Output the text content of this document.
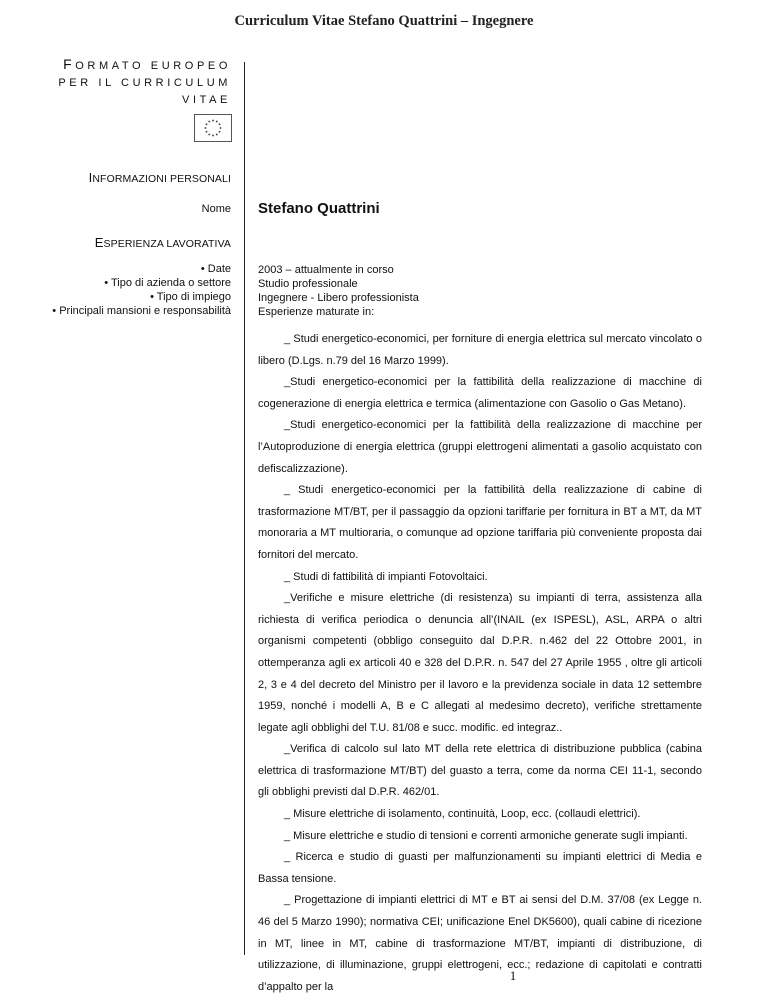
Curriculum Vitae Stefano Quattrini – Ingegnere
FORMATO EUROPEO
PER IL CURRICULUM
VITAE
INFORMAZIONI PERSONALI
Nome Stefano Quattrini
ESPERIENZA LAVORATIVA
• Date
• Tipo di azienda o settore
• Tipo di impiego
• Principali mansioni e responsabilità
2003 – attualmente in corso
Studio professionale
Ingegnere - Libero professionista
Esperienze maturate in:

_ Studi energetico-economici, per forniture di energia elettrica sul mercato vincolato o libero (D.Lgs. n.79 del 16 Marzo 1999).

_Studi energetico-economici per la fattibilità della realizzazione di macchine di cogenerazione di energia elettrica e termica (alimentazione con Gasolio o Gas Metano).

_Studi energetico-economici per la fattibilità della realizzazione di macchine per l’Autoproduzione di energia elettrica (gruppi elettrogeni alimentati a gasolio acquistato con defiscalizzazione).

_ Studi energetico-economici per la fattibilità della realizzazione di cabine di trasformazione MT/BT, per il passaggio da opzioni tariffarie per fornitura in BT a MT, da MT monoraria a MT multioraria, o comunque ad opzione tariffaria più conveniente proposta dai fornitori del mercato.

_ Studi di fattibilità di impianti Fotovoltaici.

_Verifiche e misure elettriche (di resistenza) su impianti di terra, assistenza alla richiesta di verifica periodica o denuncia all’(INAIL (ex ISPESL), ASL, ARPA o altri organismi competenti (obbligo conseguito dal D.P.R. n.462 del 22 Ottobre 2001, in ottemperanza agli ex articoli 40 e 328 del D.P.R. n. 547 del 27 Aprile 1955 , oltre gli articoli 2, 3 e 4 del decreto del Ministro per il lavoro e la previdenza sociale in data 12 settembre 1959, nonché i modelli A, B e C allegati al medesimo decreto), verifiche strettamente legate agli obblighi del T.U. 81/08 e succ. modific. ed integraz..

_Verifica di calcolo sul lato MT della rete elettrica di distribuzione pubblica (cabina elettrica di trasformazione MT/BT) del guasto a terra, come da norma CEI 11-1, secondo gli obblighi previsti dal D.P.R. 462/01.

_ Misure elettriche di isolamento, continuità, Loop, ecc. (collaudi elettrici).

_ Misure elettriche e studio di tensioni e correnti armoniche generate sugli impianti.

_ Ricerca e studio di guasti per malfunzionamenti su impianti elettrici di Media e Bassa tensione.

_ Progettazione di impianti elettrici di MT e BT ai sensi del D.M. 37/08 (ex Legge n. 46 del 5 Marzo 1990); normativa CEI; unificazione Enel DK5600), quali cabine di ricezione in MT, linee in MT, cabine di trasformazione MT/BT, impianti di distribuzione, di utilizzazione, di illuminazione, gruppi elettrogeni, ecc.; redazione di capitolati e contratti d’appalto per la

1
